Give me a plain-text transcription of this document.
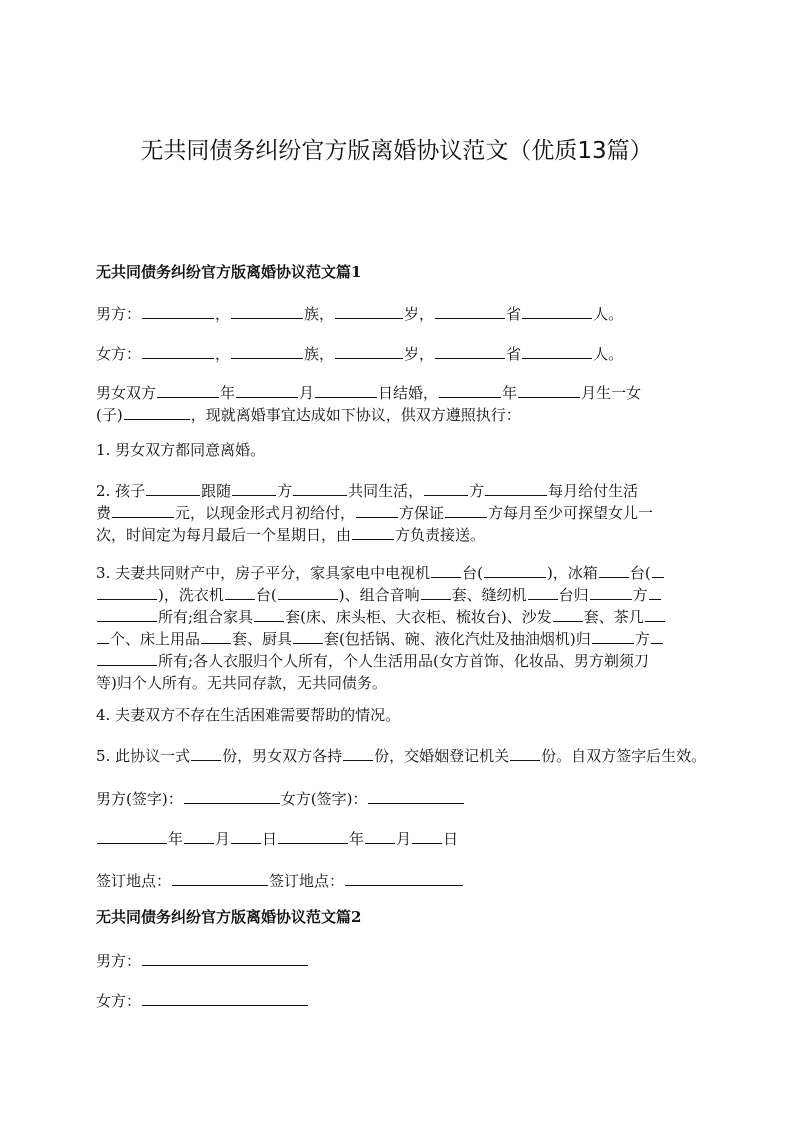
无共同债务纠纷官方版离婚协议范文（优质13篇）
无共同债务纠纷官方版离婚协议范文篇1
男方：	，	族，	岁，	省	人。
女方：	，	族，	岁，	省	人。
男女双方	年	月	日结婚，	年	月生一女
(子)	，现就离婚事宜达成如下协议，供双方遵照执行：
1. 男女双方都同意离婚。
2. 孩子	跟随	方	共同生活，	方	每月给付生活
费	元，以现金形式月初给付，	方保证	方每月至少可探望女儿一
次，时间定为每月最后一个星期日，由	方负责接送。
3. 夫妻共同财产中，房子平分，家具家电中电视机 台(	)，冰箱 台(
)，洗衣机 台(	)、组合音响 套、缝纫机 台归	方
所有;组合家具 套(床、床头柜、大衣柜、梳妆台)、沙发 套、茶几
个、床上用品 套、厨具 套(包括锅、碗、液化汽灶及抽油烟机)归	方
所有;各人衣服归个人所有，个人生活用品(女方首饰、化妆品、男方剃须刀
等)归个人所有。无共同存款，无共同债务。
4. 夫妻双方不存在生活困难需要帮助的情况。
5. 此协议一式 份，男女双方各持 份，交婚姻登记机关 份。自双方签字后生效。
男方(签字)：	女方(签字)：
年 月 日	年 月 日
签订地点：	签订地点：
无共同债务纠纷官方版离婚协议范文篇2
男方：
女方：
